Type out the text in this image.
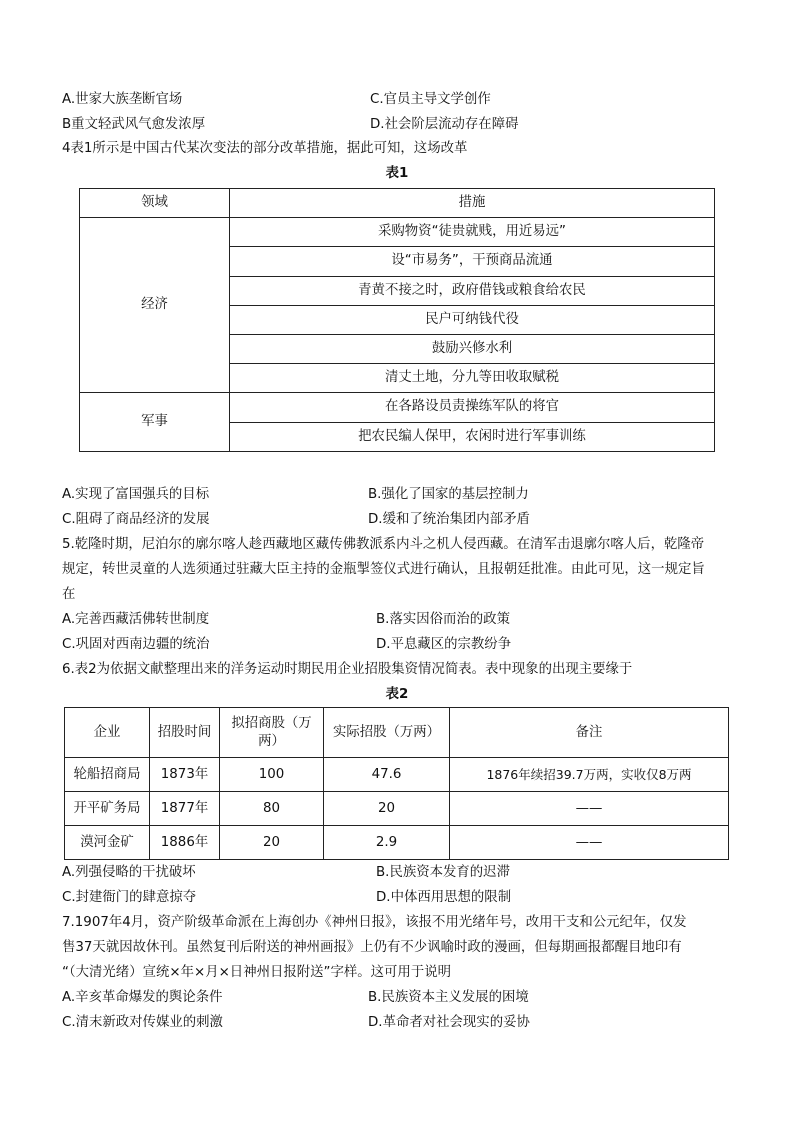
A.世家大族垄断官场	C.官员主导文学创作
B重文轻武风气愈发浓厚	D.社会阶层流动存在障碍
4表1所示是中国古代某次变法的部分改革措施，据此可知，这场改革
表1
领域	措施
经济	采购物资“徒贵就贱，用近易远”
	设“市易务”，干预商品流通
	青黄不接之时，政府借钱或粮食给农民
	民户可纳钱代役
	鼓励兴修水利
	清丈土地，分九等田收取赋税
军事	在各路设员责操练军队的将官
	把农民编人保甲，农闲时进行军事训练
A.实现了富国强兵的目标	B.强化了国家的基层控制力
C.阻碍了商品经济的发展	D.缓和了统治集团内部矛盾
5.乾隆时期，尼泊尔的廓尔喀人趁西藏地区藏传佛教派系内斗之机人侵西藏。在清军击退廓尔喀人后，乾隆帝
规定，转世灵童的人选须通过驻藏大臣主持的金瓶掣签仪式进行确认，且报朝廷批准。由此可见，这一规定旨
在
A.完善西藏活佛转世制度	B.落实因俗而治的政策
C.巩固对西南边疆的统治	D.平息藏区的宗教纷争
6.表2为依据文献整理出来的洋务运动时期民用企业招股集资情况简表。表中现象的出现主要缘于
表2
企业	招股时间	拟招商股（万两）	实际招股（万两）	备注
轮船招商局	1873年	100	47.6	1876年续招39.7万两，实收仅8万两
开平矿务局	1877年	80	20	——
漠河金矿	1886年	20	2.9	——
A.列强侵略的干扰破坏	B.民族资本发育的迟滞
C.封建衙门的肆意掠夺	D.中体西用思想的限制
7.1907年4月，资产阶级革命派在上海创办《神州日报》，该报不用光绪年号，改用干支和公元纪年，仅发
售37天就因故休刊。虽然复刊后附送的神州画报》上仍有不少讽喻时政的漫画，但每期画报都醒目地印有
“（大清光绪）宣统×年×月×日神州日报附送”字样。这可用于说明
A.辛亥革命爆发的舆论条件	B.民族资本主义发展的困境
C.清末新政对传媒业的刺激	D.革命者对社会现实的妥协
